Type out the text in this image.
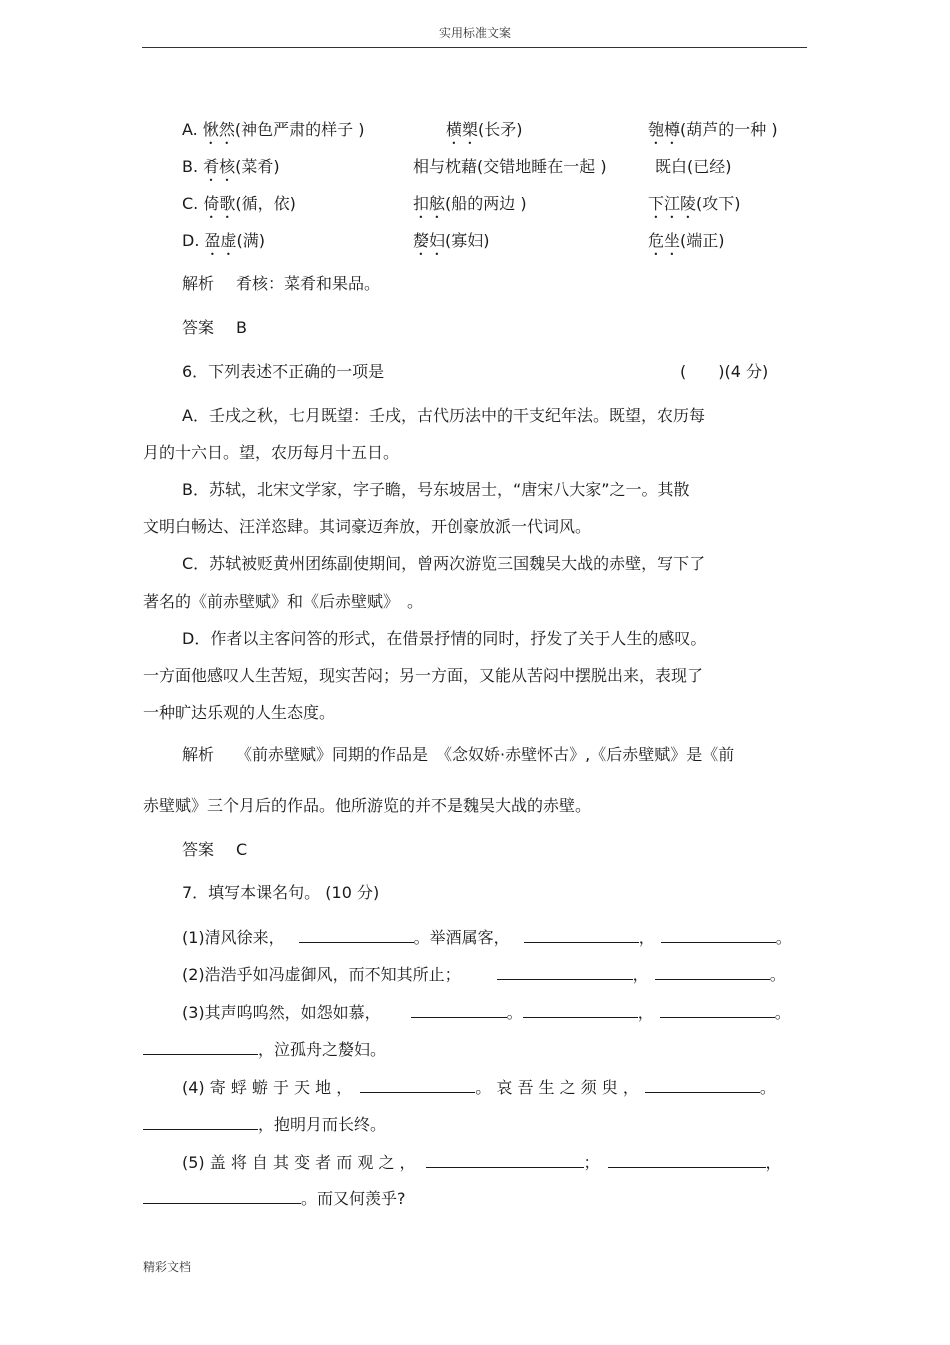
实用标准文案
A. 愀然(神色严肃的样子 )	横槊(长矛)	匏樽(葫芦的一种 )
B. 肴核(菜肴)	相与枕藉(交错地睡在一起 )	既白(已经)
C. 倚歌(循，依)	扣舷(船的两边 )	下江陵(攻下)
D. 盈虚(满)	嫠妇(寡妇)	危坐(端正)
解析 肴核：菜肴和果品。
答案 B
6．下列表述不正确的一项是	(　　)(4 分)
A．壬戌之秋，七月既望：壬戌，古代历法中的干支纪年法。既望，农历每
月的十六日。望，农历每月十五日。
B．苏轼，北宋文学家，字子瞻，号东坡居士，“唐宋八大家”之一。其散
文明白畅达、汪洋恣肆。其词豪迈奔放，开创豪放派一代词风。
C．苏轼被贬黄州团练副使期间，曾两次游览三国魏吴大战的赤壁，写下了
著名的《前赤壁赋》和《后赤壁赋》　。
D．作者以主客问答的形式，在借景抒情的同时，抒发了关于人生的感叹。
一方面他感叹人生苦短，现实苦闷；另一方面，又能从苦闷中摆脱出来，表现了
一种旷达乐观的人生态度。
解析 《前赤壁赋》同期的作品是　《念奴娇·赤壁怀古》,《后赤壁赋》是《前
赤壁赋》三个月后的作品。他所游览的并不是魏吴大战的赤壁。
答案 C
7．填写本课名句。 (10 分)
(1)清风徐来，	。举酒属客，	，	。
(2)浩浩乎如冯虚御风，而不知其所止；	，	。
(3)其声呜呜然，如怨如慕，	。	，	。
，泣孤舟之嫠妇。
(4) 寄 蜉 蝣 于 天 地 ，	。 哀 吾 生 之 须 臾 ，	。
，抱明月而长终。
(5) 盖 将 自 其 变 者 而 观 之 ，	；	，
。而又何羡乎?
精彩文档
